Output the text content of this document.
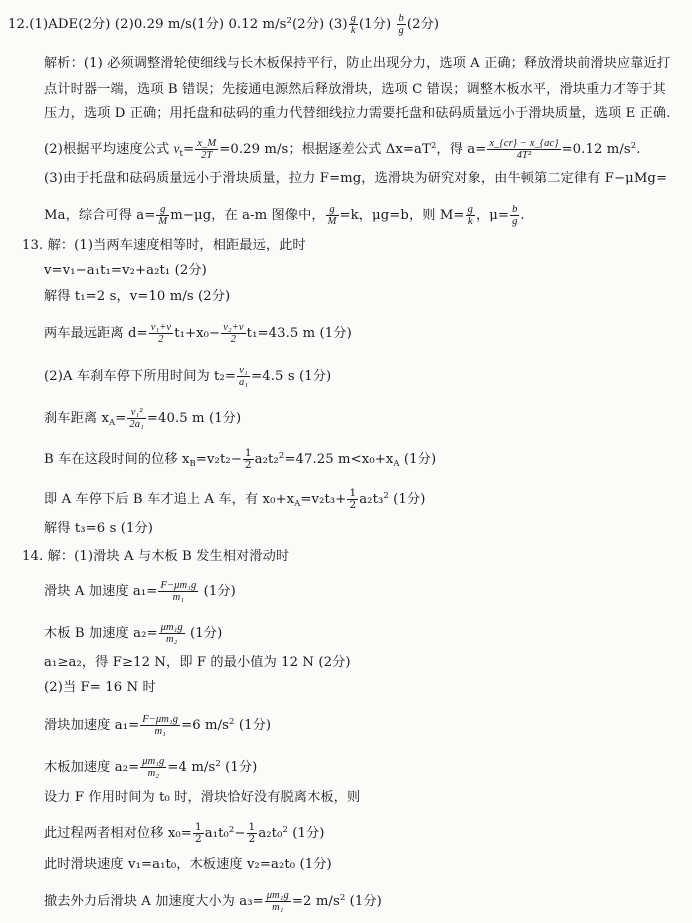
12.(1)ADE(2分) (2)0.29 m/s(1分) 0.12 $m/s^2(2$分) $(3) \frac{g}{k} (1$分) $\frac{b}{g} (2$分)
解析：(1) 必须调整滑轮使细线与长木板保持平行，防止出现分力，选项 A 正确；释放滑块前滑块应靠近打
点计时器一端，选项 B 错误；先接通电源然后释放滑块，选项 C 错误；调整木板水平，滑块重力才等于其
压力，选项 D 正确；用托盘和砝码的重力代替细线拉力需要托盘和砝码质量远小于滑块质量，选项 E 正确.
(2)根据平均速度公式 $v_t= \frac{x\_M}{2T} =0.29$ m/s；根据逐差公式 $\Delta x=aT^2$，得 $a= \frac{x\_\{cr\} - x\_\{ac\}}{\text{4T²}} =0.12$ $m/s^2$.
(3)由于托盘和砝码质量远小于滑块质量，拉力 F=mg，选滑块为研究对象，由牛顿第二定律有 F−μMg=
Ma，综合可得 $a= \frac{g}{M} m-\mu g$，在 a-m 图像中， $\frac{g}{M} =k$，μg=b，则 $M= \frac{g}{k}$ ，$\mu= \frac{b}{g}$ .
13. 解：(1)当两车速度相等时，相距最远，此时
v=v₁−a₁t₁=v₂+a₂t₁ (2分)
解得 t₁=2 s，v=10 m/s (2分)
两车最远距离 $d= \frac{\text{v₁+v}}{2} t_1+x_0- \frac{\text{v₂+v}}{2} t_1=43.5$ m (1分)
(2)A 车刹车停下所用时间为 $t_2= \frac{\text{v₁}}{\text{a₁}} =4.5$ s (1分)
刹车距离 $x_A= \frac{\text{v₁²}}{\text{2a₁}} =40.5$ m (1分)
B 车在这段时间的位移 $x_B=v_2t_2- \frac{1}{2} a_2t_2^2=47.25$ $m<x_0+x_A$ (1分)
即 A 车停下后 B 车才追上 A 车，有 $x_0+x_A=v_2t_3+ \frac{1}{2} a_2t_3^2$ (1分)
解得 t₃=6 s (1分)
14. 解：(1)滑块 A 与木板 B 发生相对滑动时
滑块 A 加速度 $a_1= \frac{\text{F−μm₁g}}{\text{m₁}} (1$分)
木板 B 加速度 $a_2= \frac{\text{μm₁g}}{\text{m₂}} (1$分)
a₁≥a₂，得 F≥12 N，即 F 的最小值为 12 N (2分)
(2)当 F= 16 N 时
滑块加速度 $a_1= \frac{\text{F−μm₁g}}{\text{m₁}} =6$ $m/s^2$ (1分)
木板加速度 $a_2= \frac{\text{μm₁g}}{\text{m₂}} =4$ $m/s^2$ (1分)
设力 F 作用时间为 t₀ 时，滑块恰好没有脱离木板，则
此过程两者相对位移 $x_0= \frac{1}{2} a_1t_0^2- \frac{1}{2} a_2t_0^2$ (1分)
此时滑块速度 v₁=a₁t₀，木板速度 v₂=a₂t₀ (1分)
撤去外力后滑块 A 加速度大小为 $a_3= \frac{\text{μm₁g}}{\text{m₁}} =2$ $m/s^2$ (1分)
